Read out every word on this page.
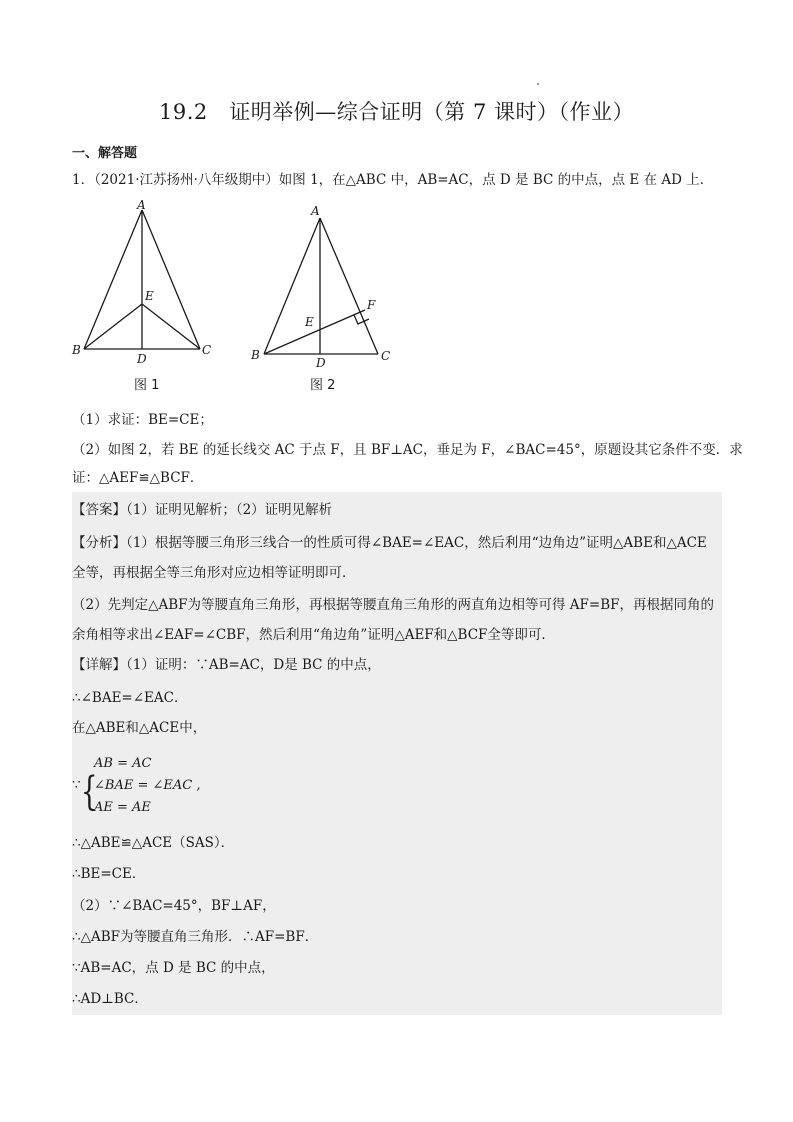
19.2　证明举例—综合证明（第 7 课时）（作业）
一、解答题
1．（2021·江苏扬州·八年级期中）如图 1，在△ABC 中，AB=AC，点 D 是 BC 的中点，点 E 在 AD 上．
A
B	C
D
E
A
B	C
D
E
F
图 1	图 2
（1）求证：BE=CE；
（2）如图 2，若 BE 的延长线交 AC 于点 F，且 BF⊥AC，垂足为 F，∠BAC=45°，原题设其它条件不变．求
证：△AEF≌△BCF．
【答案】（1）证明见解析；（2）证明见解析
【分析】（1）根据等腰三角形三线合一的性质可得∠BAE=∠EAC，然后利用“边角边”证明△ABE和△ACE
全等，再根据全等三角形对应边相等证明即可．
（2）先判定△ABF为等腰直角三角形，再根据等腰直角三角形的两直角边相等可得 AF=BF，再根据同角的
余角相等求出∠EAF=∠CBF，然后利用“角边角”证明△AEF和△BCF全等即可．
【详解】（1）证明：∵AB=AC，D是 BC 的中点，
∴∠BAE=∠EAC．
在△ABE和△ACE中，
∵ {
AB = AC
∠BAE = ∠EAC ,
AE = AE
∴△ABE≌△ACE（SAS）．
∴BE=CE．
（2）∵∠BAC=45°，BF⊥AF，
∴△ABF为等腰直角三角形．∴AF=BF．
∵AB=AC，点 D 是 BC 的中点，
∴AD⊥BC．
